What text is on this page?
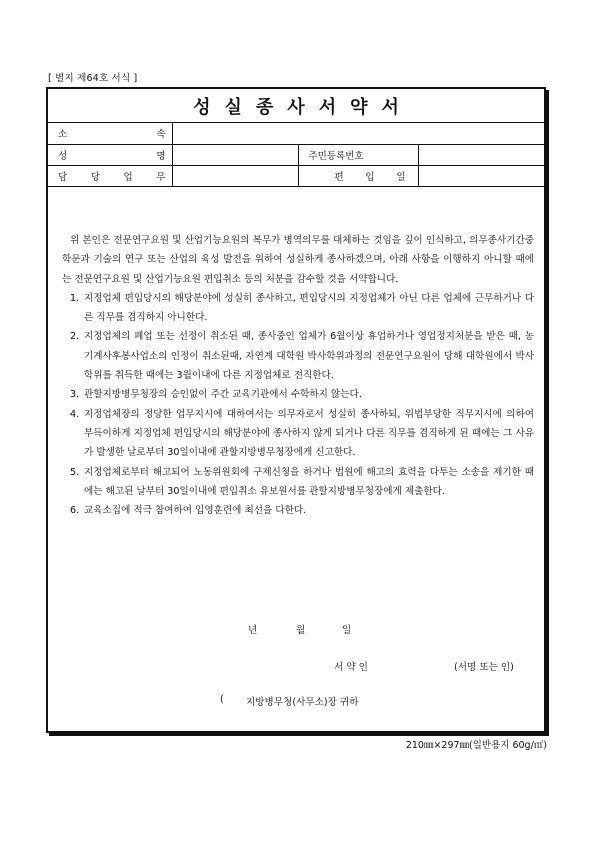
[ 별지 제64호 서식 ]
성실종사서약서
소 속			
성 명		주민등록번호	
담 당 업 무		편 입 일	
위 본인은 전문연구요원 및 산업기능요원의 복무가 병역의무를 대체하는 것임을 깊이 인식하고, 의무종사기간중 학문과 기술의 연구 또는 산업의 육성 발전을 위하여 성실하게 종사하겠으며, 아래 사항을 이행하지 아니할 때에는 전문연구요원 및 산업기능요원 편입취소 등의 처분을 감수할 것을 서약합니다.
1. 지정업체 편입당시의 해당분야에 성실히 종사하고, 편입당시의 지정업체가 아닌 다른 업체에 근무하거나 다른 직무를 겸직하지 아니한다.
2. 지정업체의 폐업 또는 선정이 취소된 때, 종사중인 업체가 6월이상 휴업하거나 영업정지처분을 받은 때, 농기계사후봉사업소의 인정이 취소된때, 자연계 대학원 박사학위과정의 전문연구요원이 당해 대학원에서 박사학위를 취득한 때에는 3월이내에 다른 지정업체로 전직한다.
3. 관할지방병무청장의 승인없이 주간 교육기관에서 수학하지 않는다.
4. 지정업체장의 정당한 업무지시에 대하여서는 의무자로서 성실히 종사하되, 위법부당한 직무지시에 의하여 부득이하게 지정업체 편입당시의 해당분야에 종사하지 않게 되거나 다른 직무를 겸직하게 된 때에는 그 사유가 발생한 날로부터 30일이내에 관할지방병무청장에게 신고한다.
5. 지정업체로부터 해고되어 노동위원회에 구제신청을 하거나 법원에 해고의 효력을 다투는 소송을 제기한 때에는 해고된 날부터 30일이내에 편입취소 유보원서를 관할지방병무청장에게 제출한다.
6. 교육소집에 적극 참여하여 입영훈련에 최선을 다한다.
년	월	일
서 약 인	(서명 또는 인)
( 지방병무청(사무소)장 귀하
210㎜×297㎜(일반용지 60g/㎡)
